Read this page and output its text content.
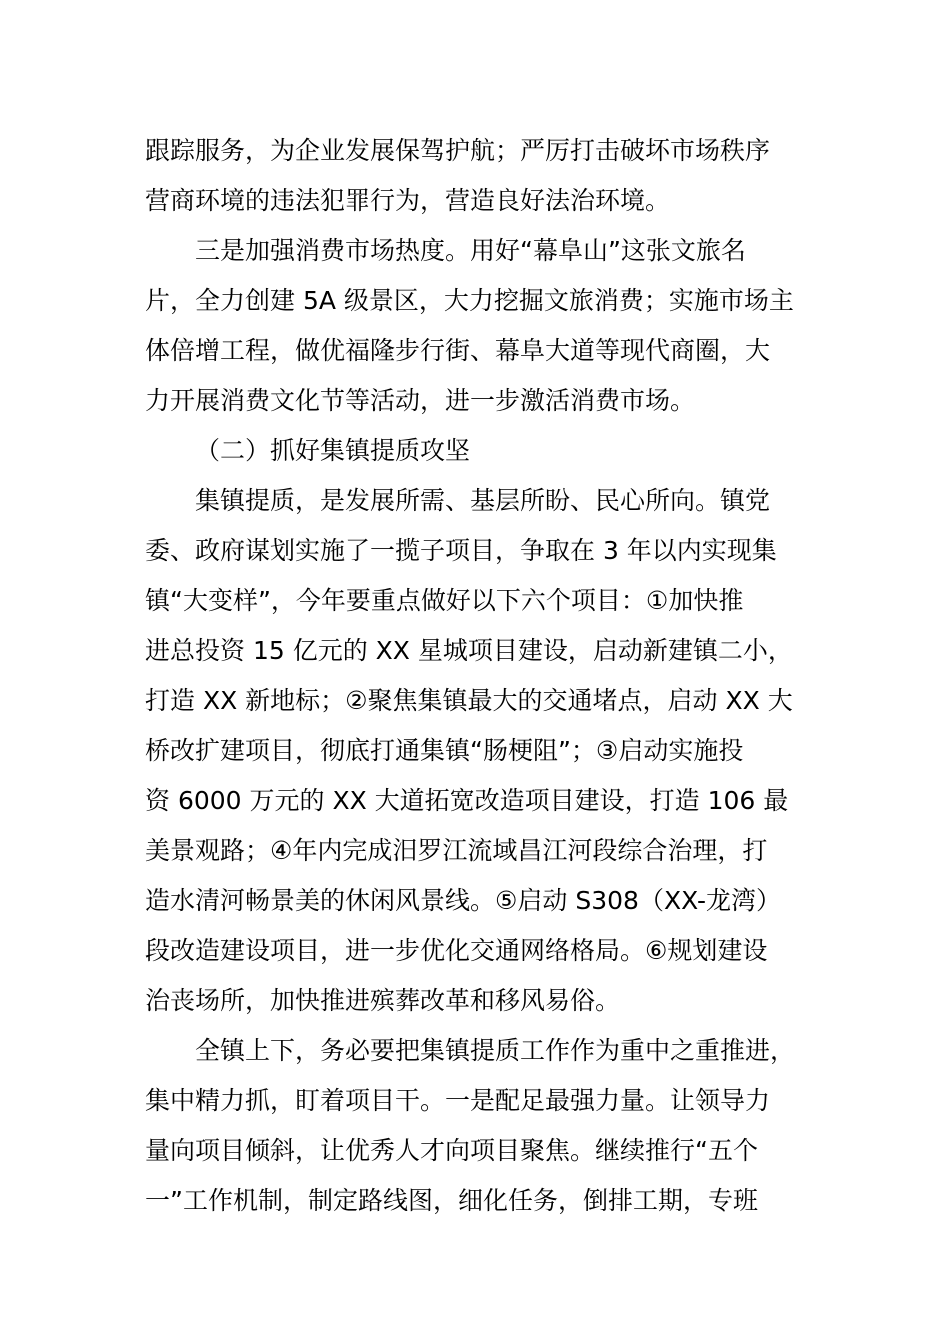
跟踪服务，为企业发展保驾护航；严厉打击破坏市场秩序
营商环境的违法犯罪行为，营造良好法治环境。
三是加强消费市场热度。用好“幕阜山”这张文旅名
片，全力创建 5A 级景区，大力挖掘文旅消费；实施市场主
体倍增工程，做优福隆步行街、幕阜大道等现代商圈，大
力开展消费文化节等活动，进一步激活消费市场。
（二）抓好集镇提质攻坚
集镇提质，是发展所需、基层所盼、民心所向。镇党
委、政府谋划实施了一揽子项目，争取在 3 年以内实现集
镇“大变样”，今年要重点做好以下六个项目：①加快推
进总投资 15 亿元的 XX 星城项目建设，启动新建镇二小，
打造 XX 新地标；②聚焦集镇最大的交通堵点，启动 XX 大
桥改扩建项目，彻底打通集镇“肠梗阻”；③启动实施投
资 6000 万元的 XX 大道拓宽改造项目建设，打造 106 最
美景观路；④年内完成汨罗江流域昌江河段综合治理，打
造水清河畅景美的休闲风景线。⑤启动 S308（XX-龙湾）
段改造建设项目，进一步优化交通网络格局。⑥规划建设
治丧场所，加快推进殡葬改革和移风易俗。
全镇上下，务必要把集镇提质工作作为重中之重推进，
集中精力抓，盯着项目干。一是配足最强力量。让领导力
量向项目倾斜，让优秀人才向项目聚焦。继续推行“五个
一”工作机制，制定路线图，细化任务，倒排工期，专班
